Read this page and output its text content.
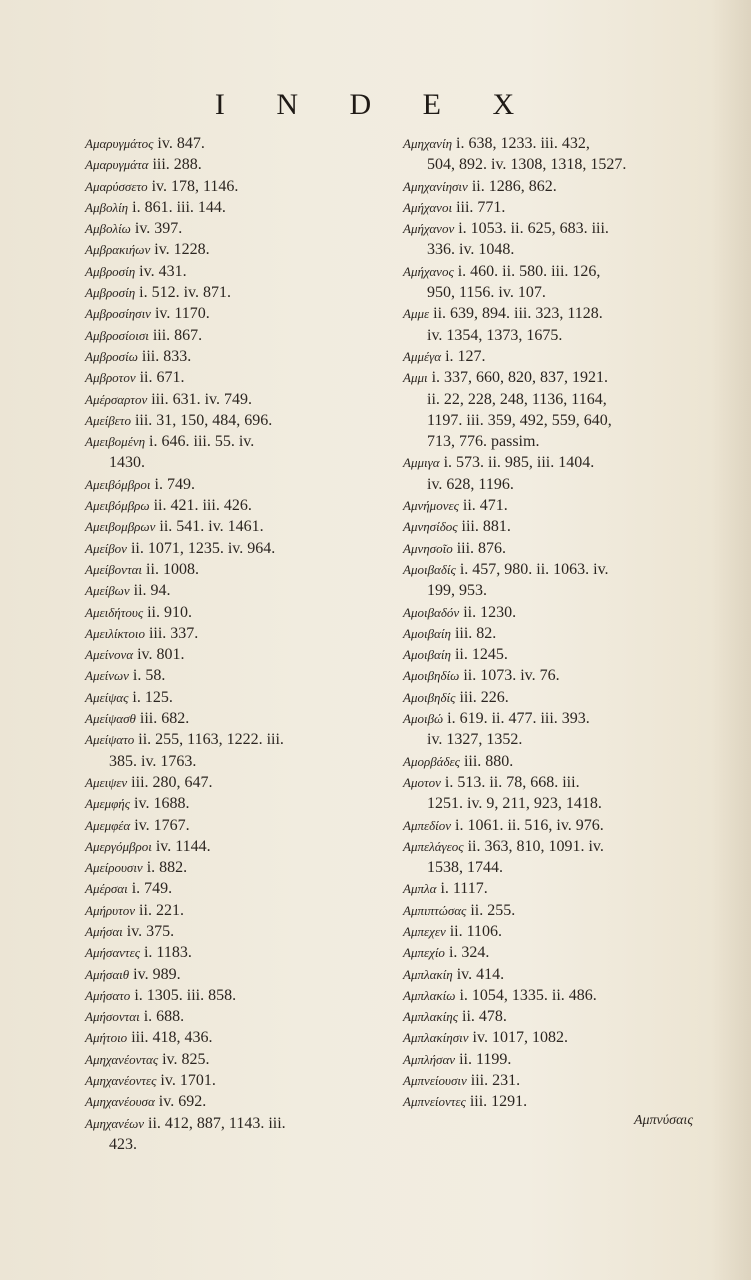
I N D E X
Αμαρυγμάτος iv. 847.
Αμαρυγμάτα iii. 288.
Αμαρύσσετο iv. 178, 1146.
Αμβολίη i. 861. iii. 144.
Αμβολίω iv. 397.
Αμβρακιήων iv. 1228.
Αμβροσίη iv. 431.
Αμβροσίη i. 512. iv. 871.
Αμβροσίησιν iv. 1170.
Αμβροσίοισι iii. 867.
Αμβροσίω iii. 833.
Αμβροτον ii. 671.
Αμέρσαρτον iii. 631. iv. 749.
Αμείβετο iii. 31, 150, 484, 696.
Αμειβομένη i. 646. iii. 55. iv.
1430.
Αμειβόμβροι i. 749.
Αμειβόμβρω ii. 421. iii. 426.
Αμειβομβρων ii. 541. iv. 1461.
Αμείβον ii. 1071, 1235. iv. 964.
Αμείβονται ii. 1008.
Αμείβων ii. 94.
Αμειδήτους ii. 910.
Αμειλίκτοιο iii. 337.
Αμείνονα iv. 801.
Αμείνων i. 58.
Αμείψας i. 125.
Αμείψασθ iii. 682.
Αμείψατο ii. 255, 1163, 1222. iii.
385. iv. 1763.
Αμειψεν iii. 280, 647.
Αμεμφής iv. 1688.
Αμεμφέα iv. 1767.
Αμεργόμβροι iv. 1144.
Αμείρουσιν i. 882.
Αμέρσαι i. 749.
Αμήρυτον ii. 221.
Αμήσαι iv. 375.
Αμήσαντες i. 1183.
Αμήσαιθ iv. 989.
Αμήσατο i. 1305. iii. 858.
Αμήσονται i. 688.
Αμήτοιο iii. 418, 436.
Αμηχανέοντας iv. 825.
Αμηχανέοντες iv. 1701.
Αμηχανέουσα iv. 692.
Αμηχανέων ii. 412, 887, 1143. iii.
423.
Αμηχανίη i. 638, 1233. iii. 432,
504, 892. iv. 1308, 1318, 1527.
Αμηχανίησιν ii. 1286, 862.
Αμήχανοι iii. 771.
Αμήχανον i. 1053. ii. 625, 683. iii.
336. iv. 1048.
Αμήχανος i. 460. ii. 580. iii. 126,
950, 1156. iv. 107.
Αμμε ii. 639, 894. iii. 323, 1128.
iv. 1354, 1373, 1675.
Αμμέγα i. 127.
Αμμι i. 337, 660, 820, 837, 1921.
ii. 22, 228, 248, 1136, 1164,
1197. iii. 359, 492, 559, 640,
713, 776. passim.
Αμμιγα i. 573. ii. 985, iii. 1404.
iv. 628, 1196.
Αμνήμονες ii. 471.
Αμνησίδος iii. 881.
Αμνησοῖο iii. 876.
Αμοιβαδίς i. 457, 980. ii. 1063. iv.
199, 953.
Αμοιβαδόν ii. 1230.
Αμοιβαίη iii. 82.
Αμοιβαίη ii. 1245.
Αμοιβηδίω ii. 1073. iv. 76.
Αμοιβηδίς iii. 226.
Αμοιβώ i. 619. ii. 477. iii. 393.
iv. 1327, 1352.
Αμορβάδες iii. 880.
Αμοτον i. 513. ii. 78, 668. iii.
1251. iv. 9, 211, 923, 1418.
Αμπεδίον i. 1061. ii. 516, iv. 976.
Αμπελάγεος ii. 363, 810, 1091. iv.
1538, 1744.
Αμπλα i. 1117.
Αμπιπτώσας ii. 255.
Αμπεχεν ii. 1106.
Αμπεχίο i. 324.
Αμπλακίη iv. 414.
Αμπλακίω i. 1054, 1335. ii. 486.
Αμπλακίης ii. 478.
Αμπλακίησιν iv. 1017, 1082.
Αμπλήσαν ii. 1199.
Αμπνείουσιν iii. 231.
Αμπνείοντες iii. 1291.
Αμπνύσαις
